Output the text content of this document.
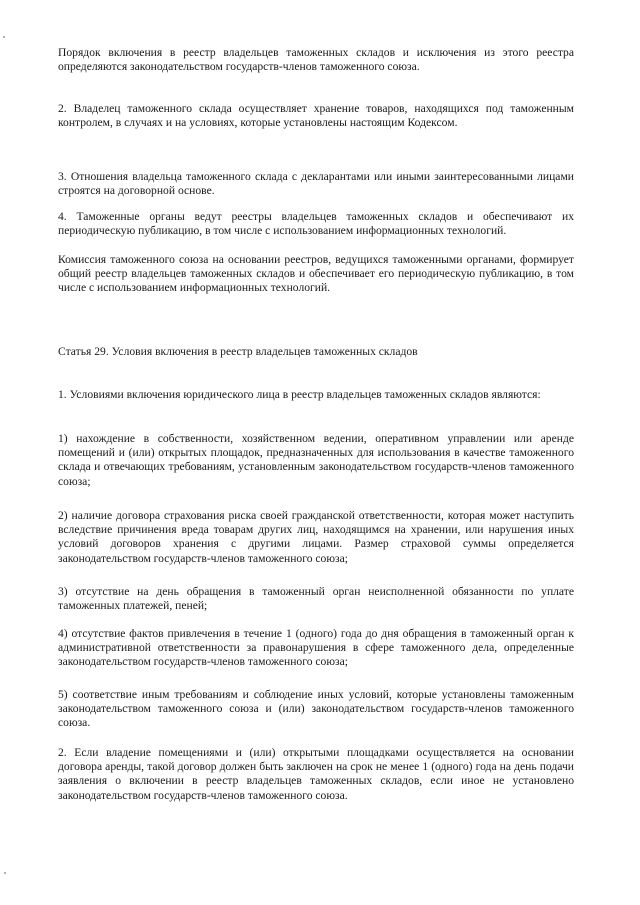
Порядок включения в реестр владельцев таможенных складов и исключения из этого реестра определяются законодательством государств-членов таможенного союза.

2. Владелец таможенного склада осуществляет хранение товаров, находящихся под таможенным контролем, в случаях и на условиях, которые установлены настоящим Кодексом.

3. Отношения владельца таможенного склада с декларантами или иными заинтересованными лицами строятся на договорной основе.

4. Таможенные органы ведут реестры владельцев таможенных складов и обеспечивают их периодическую публикацию, в том числе с использованием информационных технологий.

Комиссия таможенного союза на основании реестров, ведущихся таможенными органами, формирует общий реестр владельцев таможенных складов и обеспечивает его периодическую публикацию, в том числе с использованием информационных технологий.

Статья 29. Условия включения в реестр владельцев таможенных складов

1. Условиями включения юридического лица в реестр владельцев таможенных складов являются:

1) нахождение в собственности, хозяйственном ведении, оперативном управлении или аренде помещений и (или) открытых площадок, предназначенных для использования в качестве таможенного склада и отвечающих требованиям, установленным законодательством государств-членов таможенного союза;

2) наличие договора страхования риска своей гражданской ответственности, которая может наступить вследствие причинения вреда товарам других лиц, находящимся на хранении, или нарушения иных условий договоров хранения с другими лицами. Размер страховой суммы определяется законодательством государств-членов таможенного союза;

3) отсутствие на день обращения в таможенный орган неисполненной обязанности по уплате таможенных платежей, пеней;

4) отсутствие фактов привлечения в течение 1 (одного) года до дня обращения в таможенный орган к административной ответственности за правонарушения в сфере таможенного дела, определенные законодательством государств-членов таможенного союза;

5) соответствие иным требованиям и соблюдение иных условий, которые установлены таможенным законодательством таможенного союза и (или) законодательством государств-членов таможенного союза.

2. Если владение помещениями и (или) открытыми площадками осуществляется на основании договора аренды, такой договор должен быть заключен на срок не менее 1 (одного) года на день подачи заявления о включении в реестр владельцев таможенных складов, если иное не установлено законодательством государств-членов таможенного союза.
